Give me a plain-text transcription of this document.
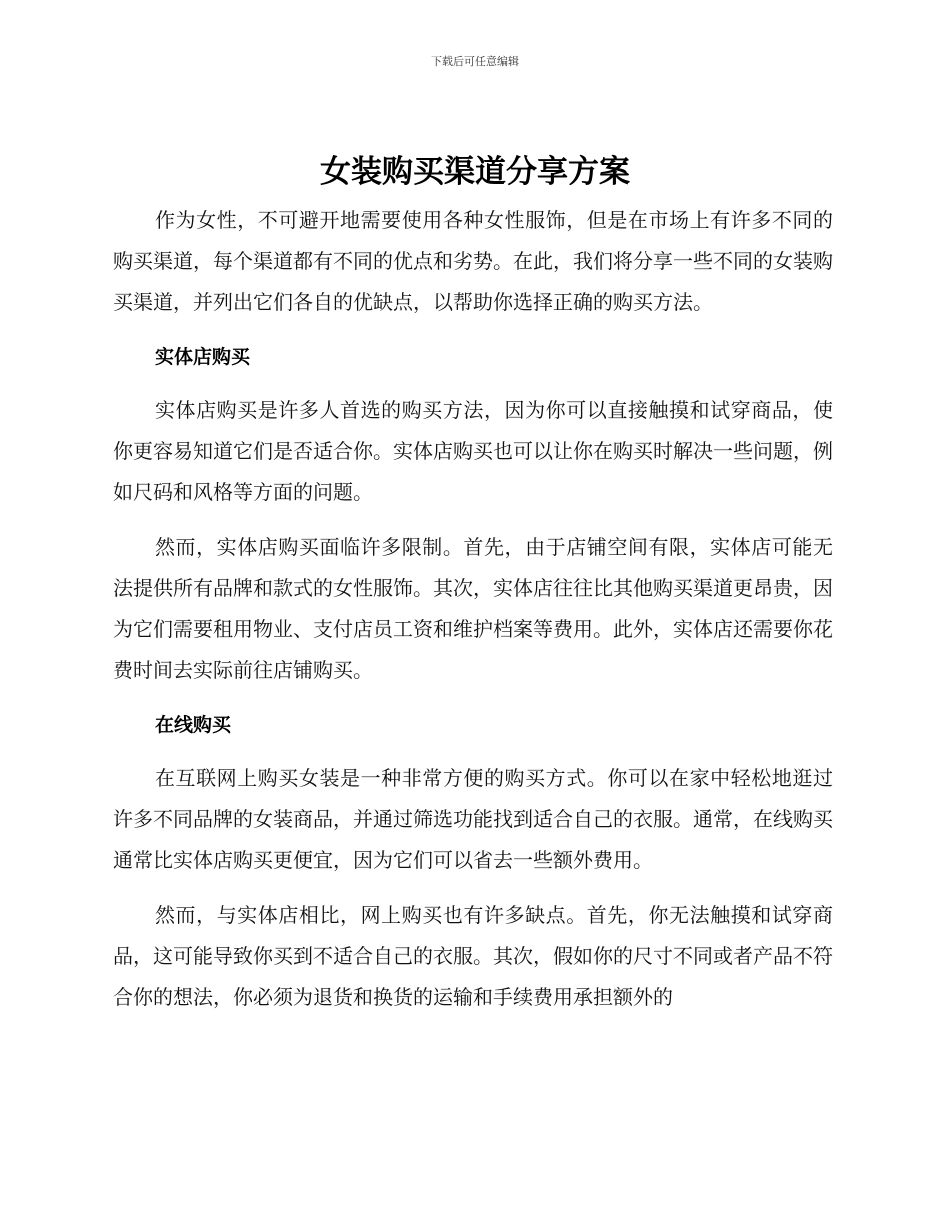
下载后可任意编辑
女装购买渠道分享方案

作为女性，不可避开地需要使用各种女性服饰，但是在市场上有许多不同的购买渠道，每个渠道都有不同的优点和劣势。在此，我们将分享一些不同的女装购买渠道，并列出它们各自的优缺点，以帮助你选择正确的购买方法。

实体店购买

实体店购买是许多人首选的购买方法，因为你可以直接触摸和试穿商品，使你更容易知道它们是否适合你。实体店购买也可以让你在购买时解决一些问题，例如尺码和风格等方面的问题。

然而，实体店购买面临许多限制。首先，由于店铺空间有限，实体店可能无法提供所有品牌和款式的女性服饰。其次，实体店往往比其他购买渠道更昂贵，因为它们需要租用物业、支付店员工资和维护档案等费用。此外，实体店还需要你花费时间去实际前往店铺购买。

在线购买

在互联网上购买女装是一种非常方便的购买方式。你可以在家中轻松地逛过许多不同品牌的女装商品，并通过筛选功能找到适合自己的衣服。通常，在线购买通常比实体店购买更便宜，因为它们可以省去一些额外费用。

然而，与实体店相比，网上购买也有许多缺点。首先，你无法触摸和试穿商品，这可能导致你买到不适合自己的衣服。其次，假如你的尺寸不同或者产品不符合你的想法，你必须为退货和换货的运输和手续费用承担额外的
